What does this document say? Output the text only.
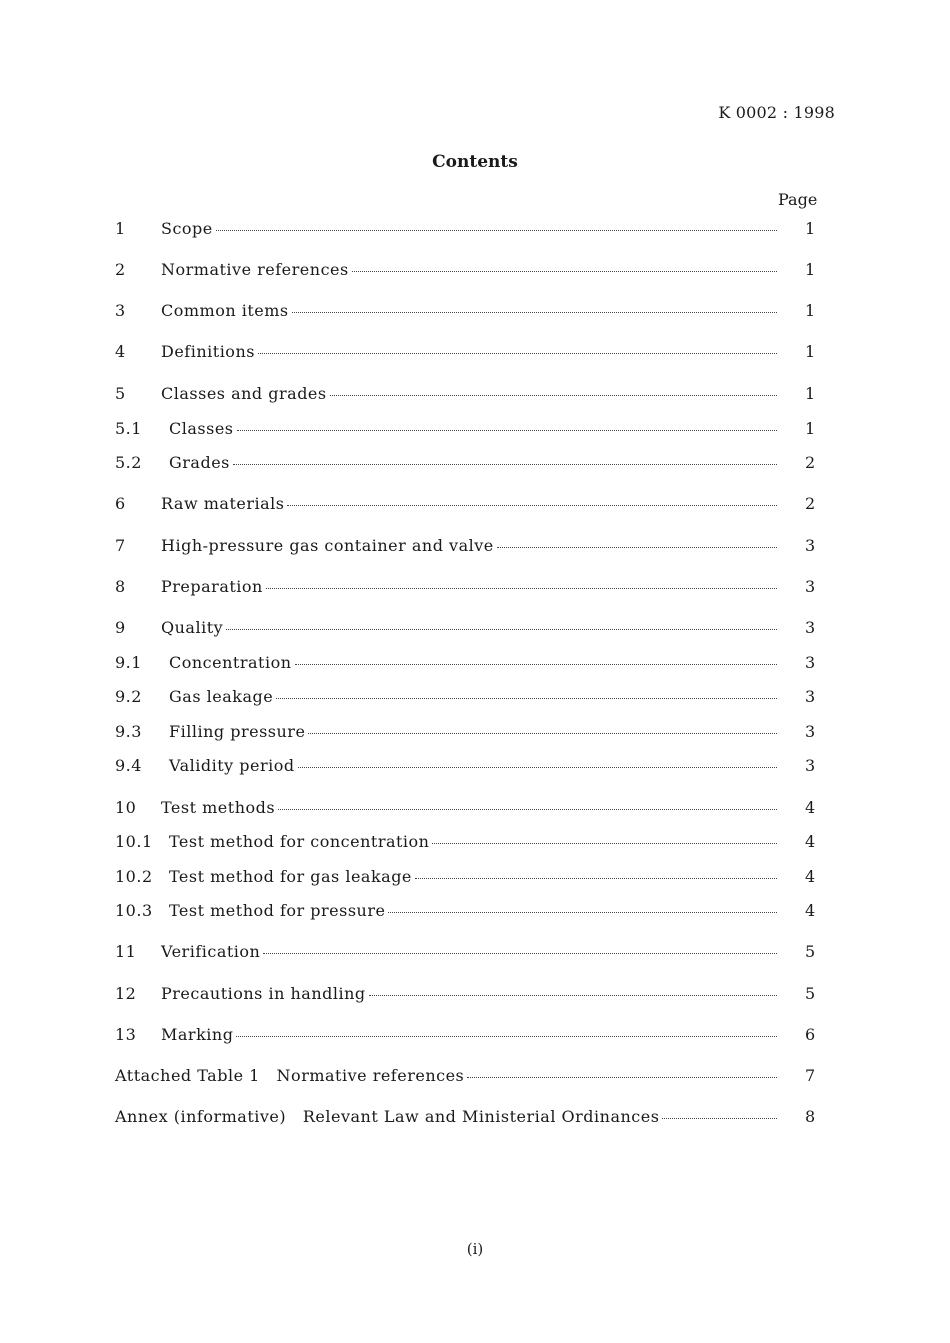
K 0002 : 1998
Contents
Page
1	Scope	1
2	Normative references	1
3	Common items	1
4	Definitions	1
5	Classes and grades	1
5.1	Classes	1
5.2	Grades	2
6	Raw materials	2
7	High-pressure gas container and valve	3
8	Preparation	3
9	Quality	3
9.1	Concentration	3
9.2	Gas leakage	3
9.3	Filling pressure	3
9.4	Validity period	3
10	Test methods	4
10.1	Test method for concentration	4
10.2	Test method for gas leakage	4
10.3	Test method for pressure	4
11	Verification	5
12	Precautions in handling	5
13	Marking	6
Attached Table 1   Normative references	7
Annex (informative)   Relevant Law and Ministerial Ordinances	8
(i)
